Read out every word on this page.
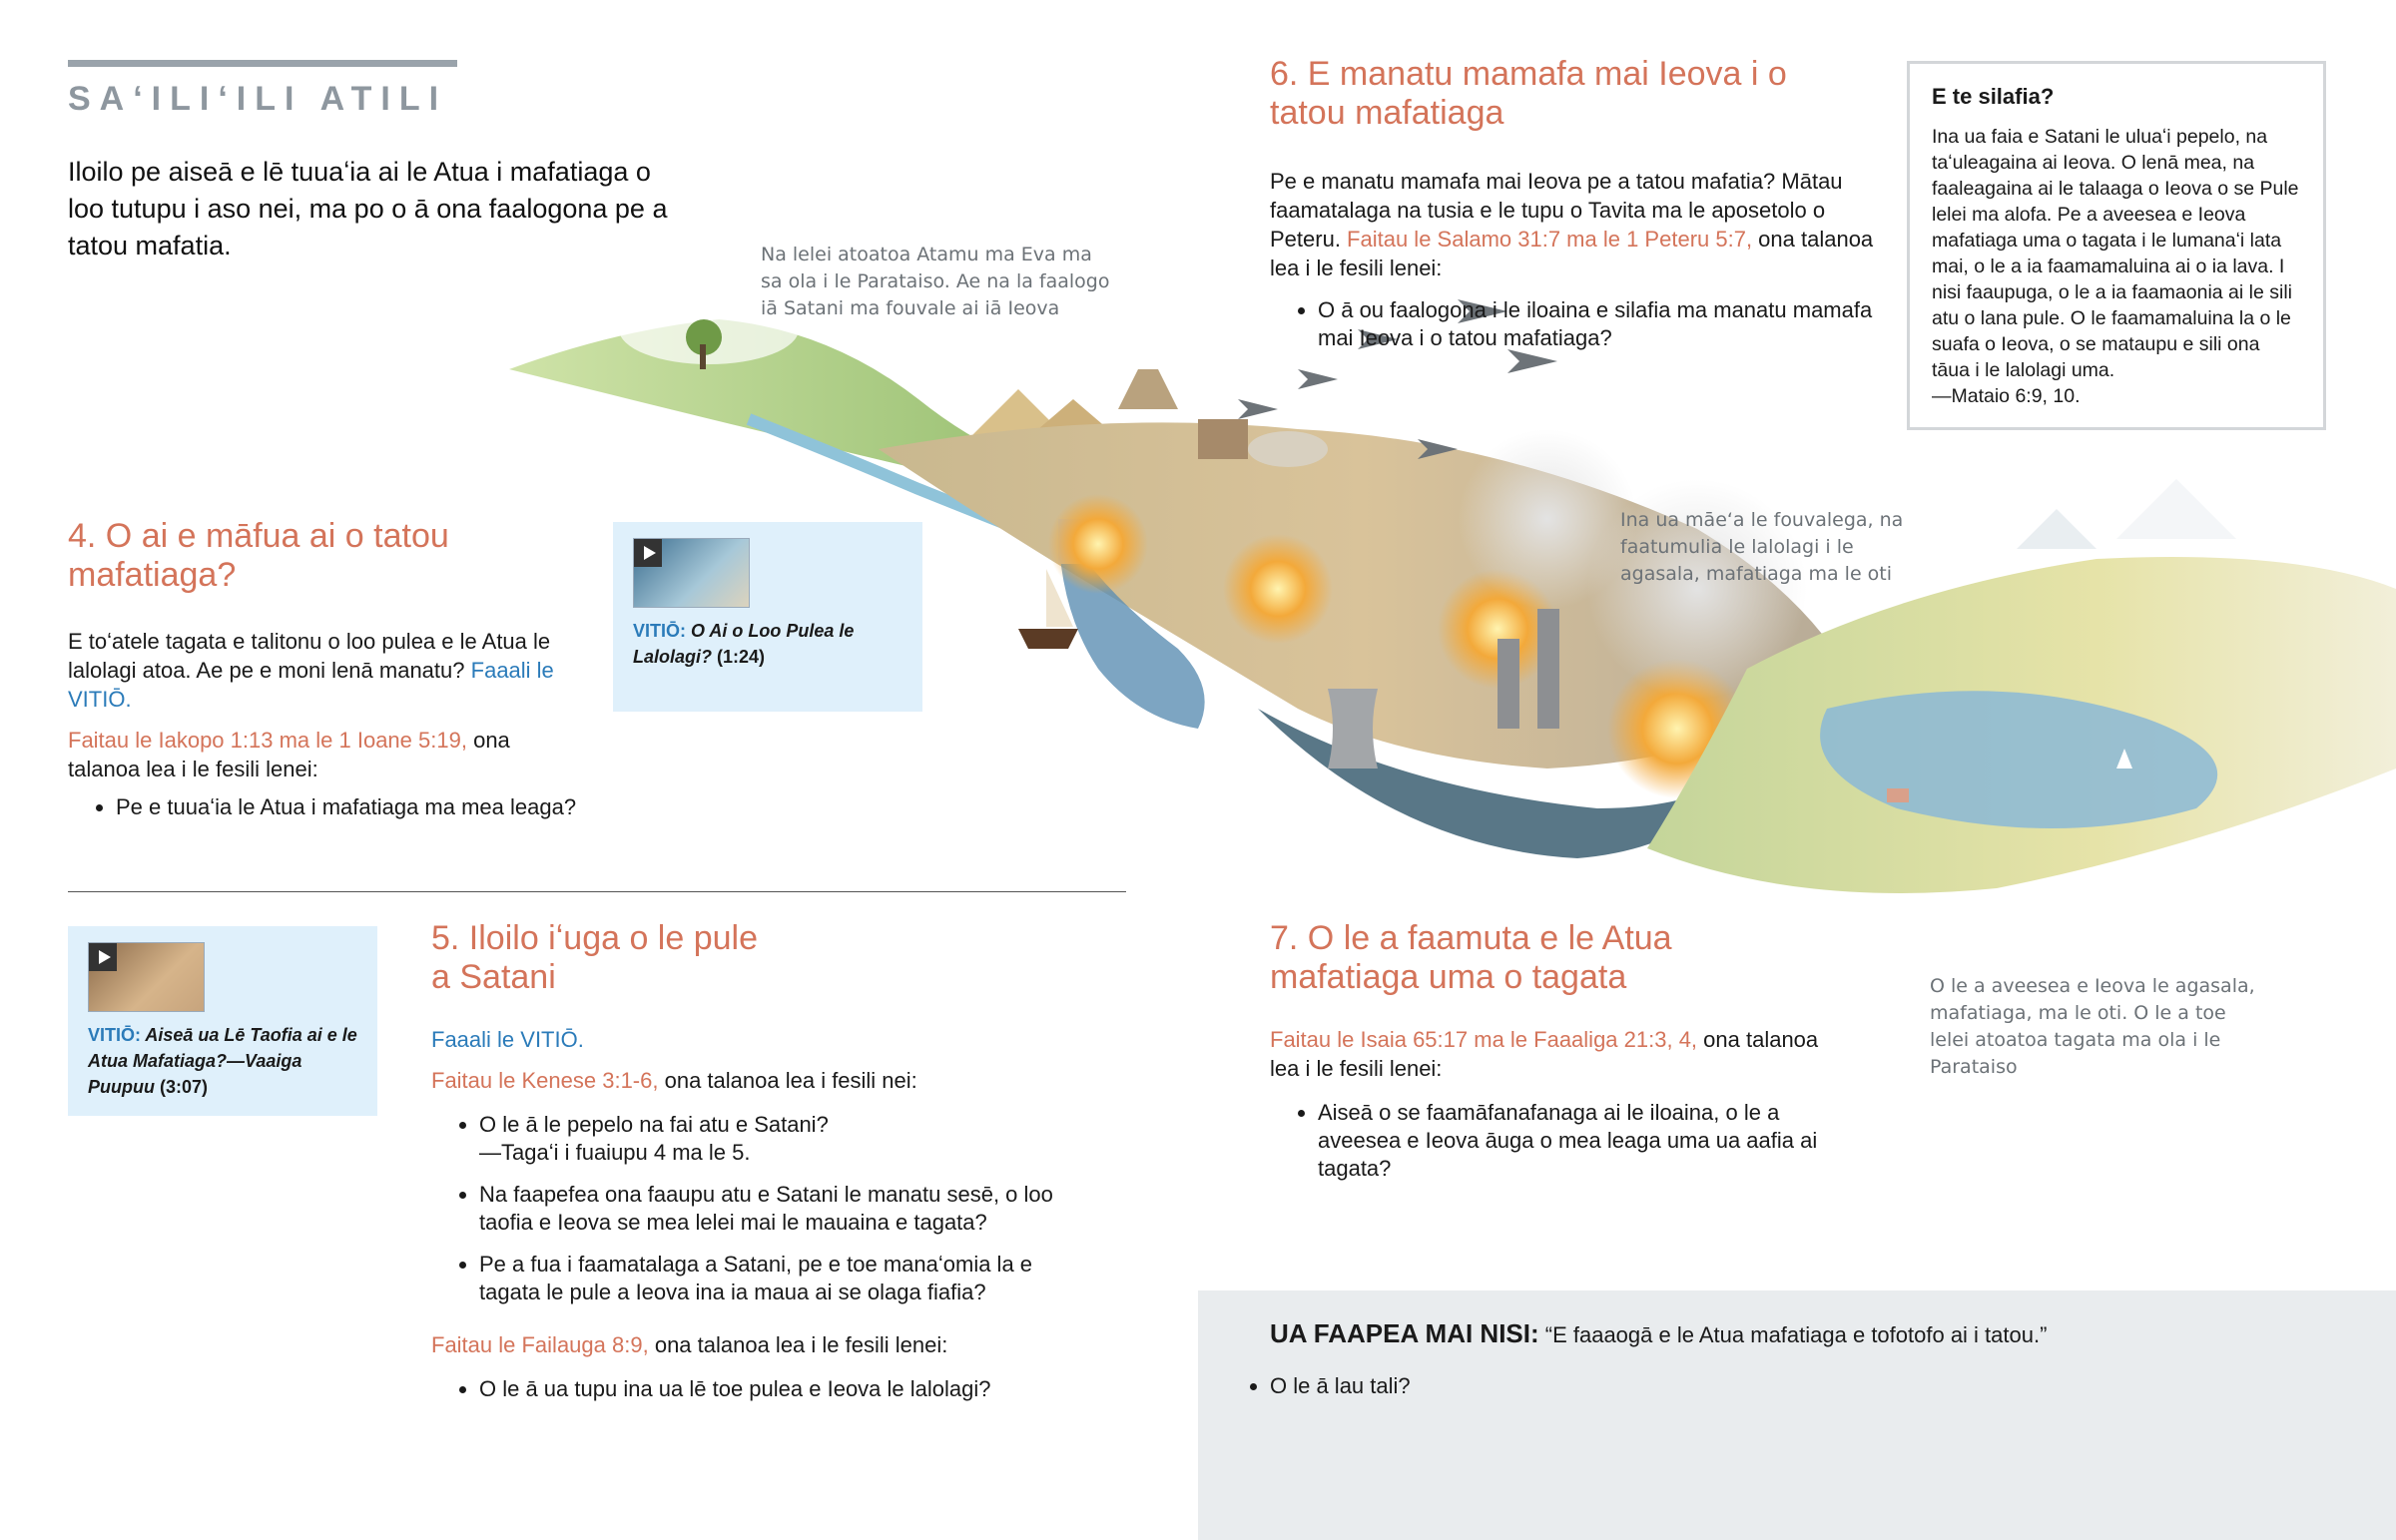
SAʻILIʻILI ATILI
Iloilo pe aiseā e lē tuuaʻia ai le Atua i mafatiaga o loo tutupu i aso nei, ma po o ā ona faalogona pe a tatou mafatia.	Na lelei atoatoa Atamu ma Eva ma sa ola i le Parataiso. Ae na la faalogo iā Satani ma fouvale ai iā Ieova
Ina ua māeʻa le fouvalega, na faatumulia le lalolagi i le agasala, mafatiaga ma le oti
O le a aveesea e Ieova le agasala, mafatiaga, ma le oti. O le a toe lelei atoatoa tagata ma ola i le Parataiso
4. O ai e māfua ai o tatou mafatiaga?
E toʻatele tagata e talitonu o loo pulea e le Atua le lalolagi atoa. Ae pe e moni lenā manatu? Faaali le VITIŌ.
Faitau le Iakopo 1:13 ma le 1 Ioane 5:19, ona talanoa lea i le fesili lenei:
• Pe e tuuaʻia le Atua i mafatiaga ma mea leaga?
VITIŌ: O Ai o Loo Pulea le Lalolagi? (1:24)
VITIŌ: Aiseā ua Lē Taofia ai e le Atua Mafatiaga?—Vaaiga Puupuu (3:07)
5. Iloilo iʻuga o le pule a Satani
Faaali le VITIŌ.
Faitau le Kenese 3:1-6, ona talanoa lea i fesili nei:
• O le ā le pepelo na fai atu e Satani?
—Tagaʻi i fuaiupu 4 ma le 5.
• Na faapefea ona faaupu atu e Satani le manatu sesē, o loo taofia e Ieova se mea lelei mai le mauaina e tagata?
• Pe a fua i faamatalaga a Satani, pe e toe manaʻomia la e tagata le pule a Ieova ina ia maua ai se olaga fiafia?
Faitau le Failauga 8:9, ona talanoa lea i le fesili lenei:
• O le ā ua tupu ina ua lē toe pulea e Ieova le lalolagi?
6. E manatu mamafa mai Ieova i o tatou mafatiaga
Pe e manatu mamafa mai Ieova pe a tatou mafatia? Mātau faamatalaga na tusia e le tupu o Tavita ma le aposetolo o Peteru. Faitau le Salamo 31:7 ma le 1 Peteru 5:7, ona talanoa lea i le fesili lenei:
• O ā ou faalogona i le iloaina e silafia ma manatu mamafa mai Ieova i o tatou mafatiaga?
E te silafia?
Ina ua faia e Satani le uluaʻi pepelo, na taʻuleagaina ai Ieova. O lenā mea, na faaleagaina ai le talaaga o Ieova o se Pule lelei ma alofa. Pe a aveesea e Ieova mafatiaga uma o tagata i le lumanaʻi lata mai, o le a ia faamamaluina ai o ia lava. I nisi faaupuga, o le a ia faamaonia ai le sili atu o lana pule. O le faamamaluina la o le suafa o Ieova, o se mataupu e sili ona tāua i le lalolagi uma.
—Mataio 6:9, 10.
7. O le a faamuta e le Atua mafatiaga uma o tagata
Faitau le Isaia 65:17 ma le Faaaliga 21:3, 4, ona talanoa lea i le fesili lenei:
• Aiseā o se faamāfanafanaga ai le iloaina, o le a aveesea e Ieova āuga o mea leaga uma ua aafia ai tagata?
UA FAAPEA MAI NISI: “E faaaogā e le Atua mafatiaga e tofotofo ai i tatou.”
• O le ā lau tali?
